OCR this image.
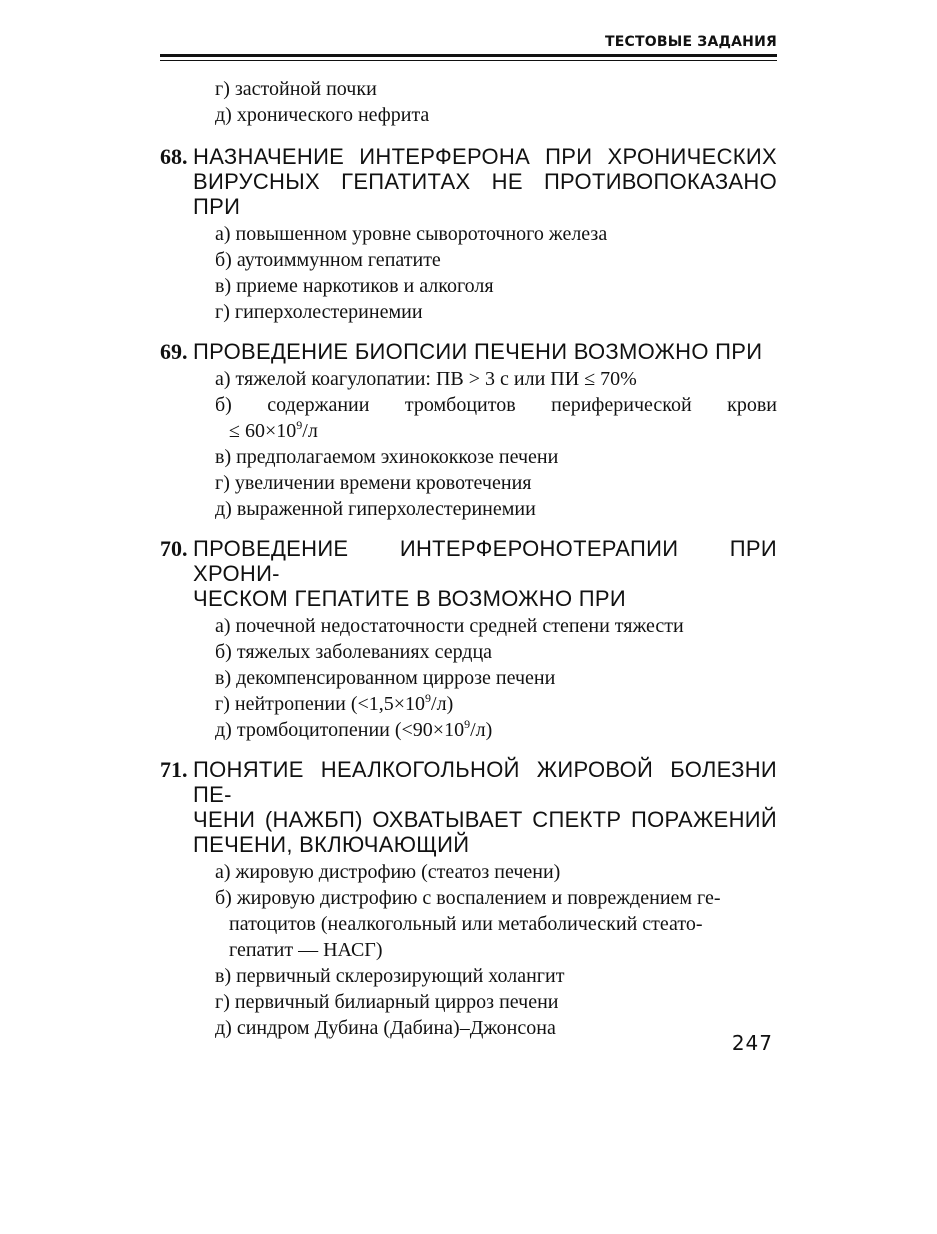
ТЕСТОВЫЕ ЗАДАНИЯ

г) застойной почки

д) хронического нефрита

68. НАЗНАЧЕНИЕ ИНТЕРФЕРОНА ПРИ ХРОНИЧЕСКИХ
ВИРУСНЫХ ГЕПАТИТАХ НЕ ПРОТИВОПОКАЗАНО ПРИ

а) повышенном уровне сывороточного железа

б) аутоиммунном гепатите

в) приеме наркотиков и алкоголя

г) гиперхолестеринемии

69. ПРОВЕДЕНИЕ БИОПСИИ ПЕЧЕНИ ВОЗМОЖНО ПРИ

а) тяжелой коагулопатии: ПВ > 3 с или ПИ ≤ 70%

б) содержании тромбоцитов периферической крови

≤ $60\times 10^9/л$

в) предполагаемом эхинококкозе печени

г) увеличении времени кровотечения

д) выраженной гиперхолестеринемии

70. ПРОВЕДЕНИЕ ИНТЕРФЕРОНОТЕРАПИИ ПРИ ХРОНИ-
ЧЕСКОМ ГЕПАТИТЕ В ВОЗМОЖНО ПРИ

а) почечной недостаточности средней степени тяжести

б) тяжелых заболеваниях сердца

в) декомпенсированном циррозе печени

г) нейтропении $(<1,5\times 10^9/л)$

д) тромбоцитопении $(<90\times 10^9/л)$

71. ПОНЯТИЕ НЕАЛКОГОЛЬНОЙ ЖИРОВОЙ БОЛЕЗНИ ПЕ-
ЧЕНИ (НАЖБП) ОХВАТЫВАЕТ СПЕКТР ПОРАЖЕНИЙ
ПЕЧЕНИ, ВКЛЮЧАЮЩИЙ

а) жировую дистрофию (стеатоз печени)

б) жировую дистрофию с воспалением и повреждением ге-
патоцитов (неалкогольный или метаболический стеато-
гепатит — НАСГ)

в) первичный склерозирующий холангит

г) первичный билиарный цирроз печени

д) синдром Дубина (Дабина)–Джонсона

247
